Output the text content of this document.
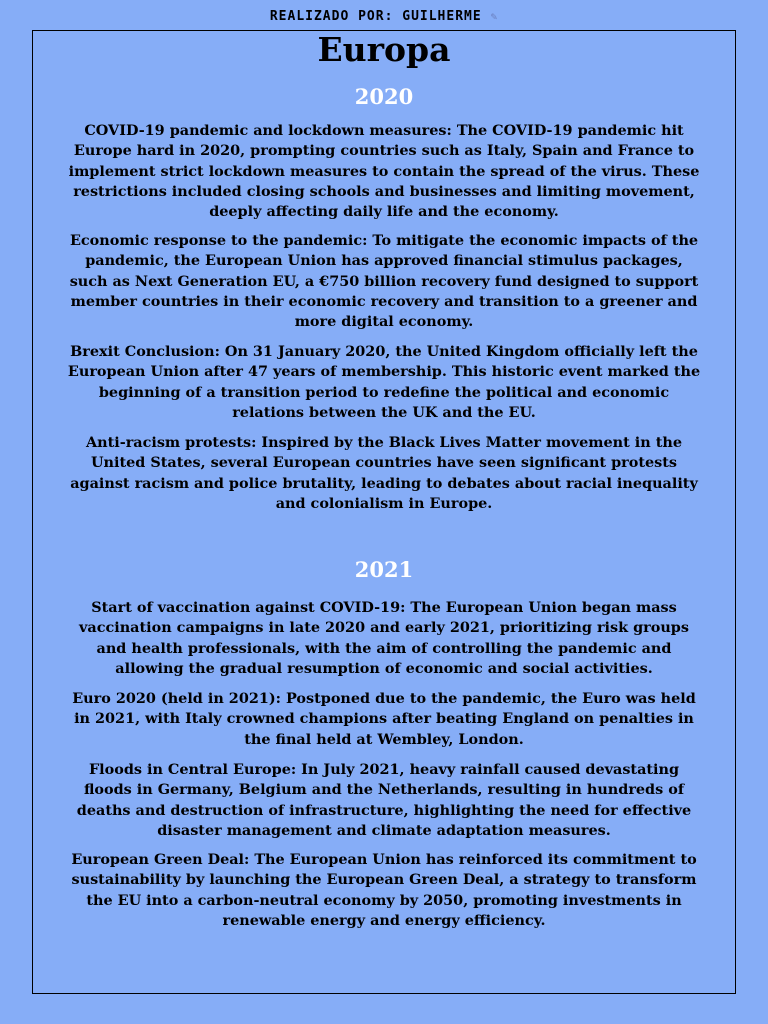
REALIZADO POR: GUILHERME ✎
Europa
2020
COVID-19 pandemic and lockdown measures: The COVID-19 pandemic hit Europe hard in 2020, prompting countries such as Italy, Spain and France to implement strict lockdown measures to contain the spread of the virus. These restrictions included closing schools and businesses and limiting movement, deeply affecting daily life and the economy.
Economic response to the pandemic: To mitigate the economic impacts of the pandemic, the European Union has approved financial stimulus packages, such as Next Generation EU, a €750 billion recovery fund designed to support member countries in their economic recovery and transition to a greener and more digital economy.
Brexit Conclusion: On 31 January 2020, the United Kingdom officially left the European Union after 47 years of membership. This historic event marked the beginning of a transition period to redefine the political and economic relations between the UK and the EU.
Anti-racism protests: Inspired by the Black Lives Matter movement in the United States, several European countries have seen significant protests against racism and police brutality, leading to debates about racial inequality and colonialism in Europe.
2021
Start of vaccination against COVID-19: The European Union began mass vaccination campaigns in late 2020 and early 2021, prioritizing risk groups and health professionals, with the aim of controlling the pandemic and allowing the gradual resumption of economic and social activities.
Euro 2020 (held in 2021): Postponed due to the pandemic, the Euro was held in 2021, with Italy crowned champions after beating England on penalties in the final held at Wembley, London.
Floods in Central Europe: In July 2021, heavy rainfall caused devastating floods in Germany, Belgium and the Netherlands, resulting in hundreds of deaths and destruction of infrastructure, highlighting the need for effective disaster management and climate adaptation measures.
European Green Deal: The European Union has reinforced its commitment to sustainability by launching the European Green Deal, a strategy to transform the EU into a carbon-neutral economy by 2050, promoting investments in renewable energy and energy efficiency.
